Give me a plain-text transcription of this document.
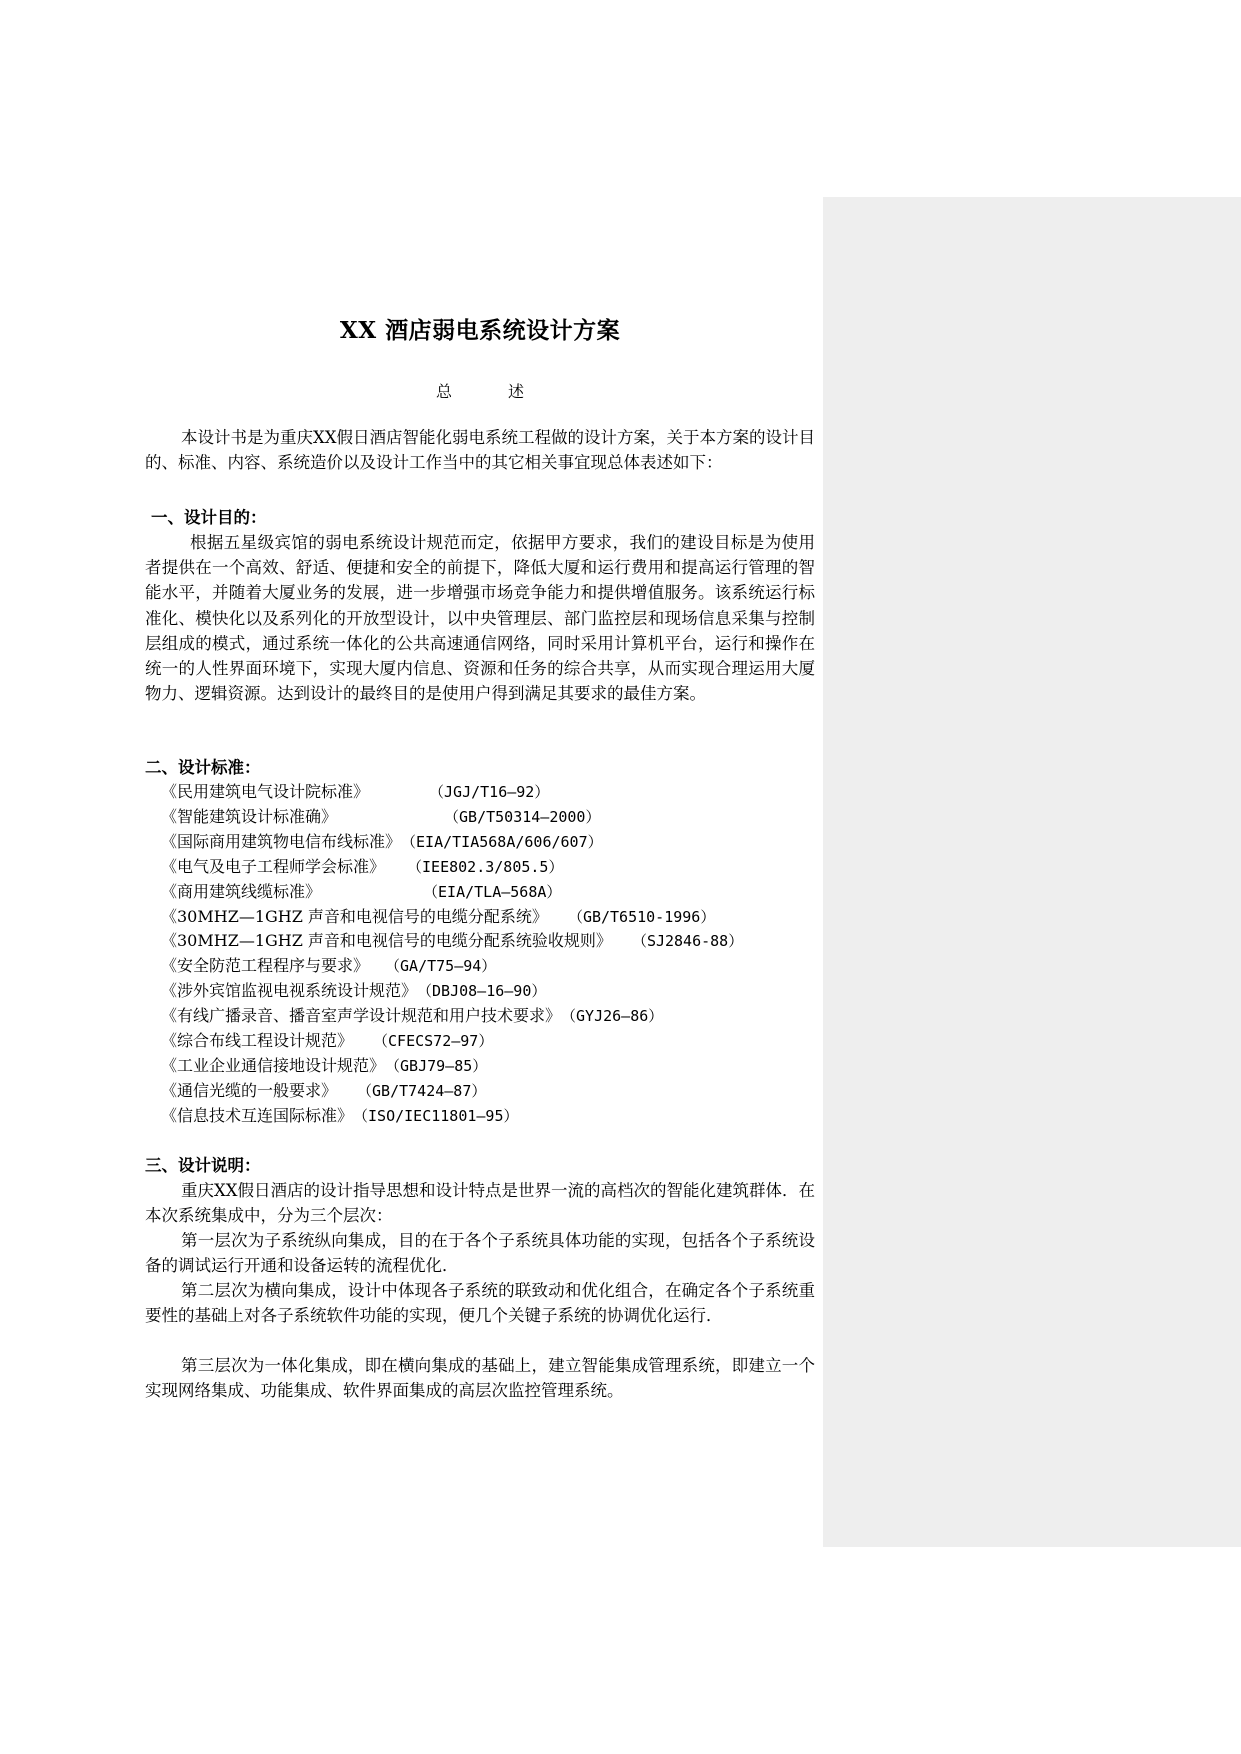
XX 酒店弱电系统设计方案
总	述

本设计书是为重庆XX假日酒店智能化弱电系统工程做的设计方案，关于本方案的设计目的、标准、内容、系统造价以及设计工作当中的其它相关事宜现总体表述如下：

一、设计目的：

根据五星级宾馆的弱电系统设计规范而定，依据甲方要求，我们的建设目标是为使用者提供在一个高效、舒适、便捷和安全的前提下，降低大厦和运行费用和提高运行管理的智能水平，并随着大厦业务的发展，进一步增强市场竞争能力和提供增值服务。该系统运行标准化、模快化以及系列化的开放型设计，以中央管理层、部门监控层和现场信息采集与控制层组成的模式，通过系统一体化的公共高速通信网络，同时采用计算机平台，运行和操作在统一的人性界面环境下，实现大厦内信息、资源和任务的综合共享，从而实现合理运用大厦物力、逻辑资源。达到设计的最终目的是使用户得到满足其要求的最佳方案。

二、设计标准：

《民用建筑电气设计院标准》	（JGJ/T16—92）
《智能建筑设计标准确》	（GB/T50314—2000）
《国际商用建筑物电信布线标准》（EIA/TIA568A/606/607）
《电气及电子工程师学会标准》 （IEE802.3/805.5）
《商用建筑线缆标准》	（EIA/TLA—568A）
《30MHZ—1GHZ 声音和电视信号的电缆分配系统》 （GB/T6510-1996）
《30MHZ—1GHZ 声音和电视信号的电缆分配系统验收规则》 （SJ2846-88）
《安全防范工程程序与要求》 （GA/T75—94）
《涉外宾馆监视电视系统设计规范》（DBJ08—16—90）
《有线广播录音、播音室声学设计规范和用户技术要求》（GYJ26—86）
《综合布线工程设计规范》 （CFECS72—97）
《工业企业通信接地设计规范》（GBJ79—85）
《通信光缆的一般要求》 （GB/T7424—87）
《信息技术互连国际标准》（ISO/IEC11801—95）

三、设计说明：

重庆XX假日酒店的设计指导思想和设计特点是世界一流的高档次的智能化建筑群体．在本次系统集成中，分为三个层次：

第一层次为子系统纵向集成，目的在于各个子系统具体功能的实现，包括各个子系统设备的调试运行开通和设备运转的流程优化．

第二层次为横向集成，设计中体现各子系统的联致动和优化组合，在确定各个子系统重要性的基础上对各子系统软件功能的实现，便几个关键子系统的协调优化运行．

第三层次为一体化集成，即在横向集成的基础上，建立智能集成管理系统，即建立一个实现网络集成、功能集成、软件界面集成的高层次监控管理系统。
